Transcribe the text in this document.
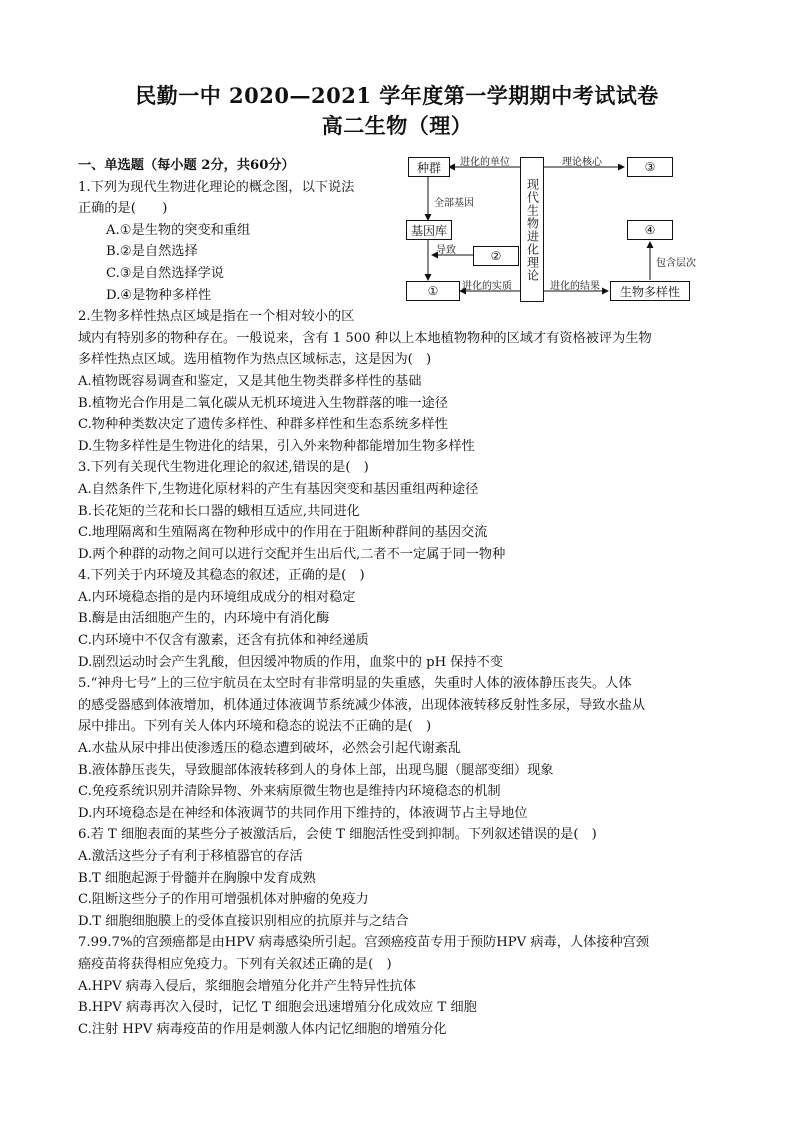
民勤一中 2020—2021 学年度第一学期期中考试试卷
高二生物（理）
一、单选题（每小题 2分，共60分）
1.下列为现代生物进化理论的概念图，以下说法
正确的是(　　)
A.①是生物的突变和重组
B.②是自然选择
C.③是自然选择学说
D.④是物种多样性
2.生物多样性热点区域是指在一个相对较小的区
域内有特别多的物种存在。一般说来，含有 1 500 种以上本地植物物种的区域才有资格被评为生物
多样性热点区域。选用植物作为热点区域标志，这是因为(　)
A.植物既容易调查和鉴定，又是其他生物类群多样性的基础
B.植物光合作用是二氧化碳从无机环境进入生物群落的唯一途径
C.物种种类数决定了遗传多样性、种群多样性和生态系统多样性
D.生物多样性是生物进化的结果，引入外来物种都能增加生物多样性
3.下列有关现代生物进化理论的叙述,错误的是(　)
A.自然条件下,生物进化原材料的产生有基因突变和基因重组两种途径
B.长花矩的兰花和长口器的蛾相互适应,共同进化
C.地理隔离和生殖隔离在物种形成中的作用在于阻断种群间的基因交流
D.两个种群的动物之间可以进行交配并生出后代,二者不一定属于同一物种
4.下列关于内环境及其稳态的叙述，正确的是(　)
A.内环境稳态指的是内环境组成成分的相对稳定
B.酶是由活细胞产生的，内环境中有消化酶
C.内环境中不仅含有激素，还含有抗体和神经递质
D.剧烈运动时会产生乳酸，但因缓冲物质的作用，血浆中的 pH 保持不变
5.“神舟七号”上的三位宇航员在太空时有非常明显的失重感，失重时人体的液体静压丧失。人体
的感受器感到体液增加，机体通过体液调节系统减少体液，出现体液转移反射性多尿，导致水盐从
尿中排出。下列有关人体内环境和稳态的说法不正确的是(　)
A.水盐从尿中排出使渗透压的稳态遭到破坏，必然会引起代谢紊乱
B.液体静压丧失，导致腿部体液转移到人的身体上部，出现鸟腿（腿部变细）现象
C.免疫系统识别并清除异物、外来病原微生物也是维持内环境稳态的机制
D.内环境稳态是在神经和体液调节的共同作用下维持的，体液调节占主导地位
6.若 T 细胞表面的某些分子被激活后，会使 T 细胞活性受到抑制。下列叙述错误的是(　)
A.激活这些分子有利于移植器官的存活
B.T 细胞起源于骨髓并在胸腺中发育成熟
C.阻断这些分子的作用可增强机体对肿瘤的免疫力
D.T 细胞细胞膜上的受体直接识别相应的抗原并与之结合
7.99.7%的宫颈癌都是由HPV 病毒感染所引起。宫颈癌疫苗专用于预防HPV 病毒，人体接种宫颈
癌疫苗将获得相应免疫力。下列有关叙述正确的是(　)
A.HPV 病毒入侵后，浆细胞会增殖分化并产生特异性抗体
B.HPV 病毒再次入侵时，记忆 T 细胞会迅速增殖分化成效应 T 细胞
C.注射 HPV 病毒疫苗的作用是刺激人体内记忆细胞的增殖分化
种群
基因库
②
①
现代生物进化理论
③
④
生物多样性
进化的单位	理论核心
全部基因
导致
进化的实质	进化的结果
包含层次
